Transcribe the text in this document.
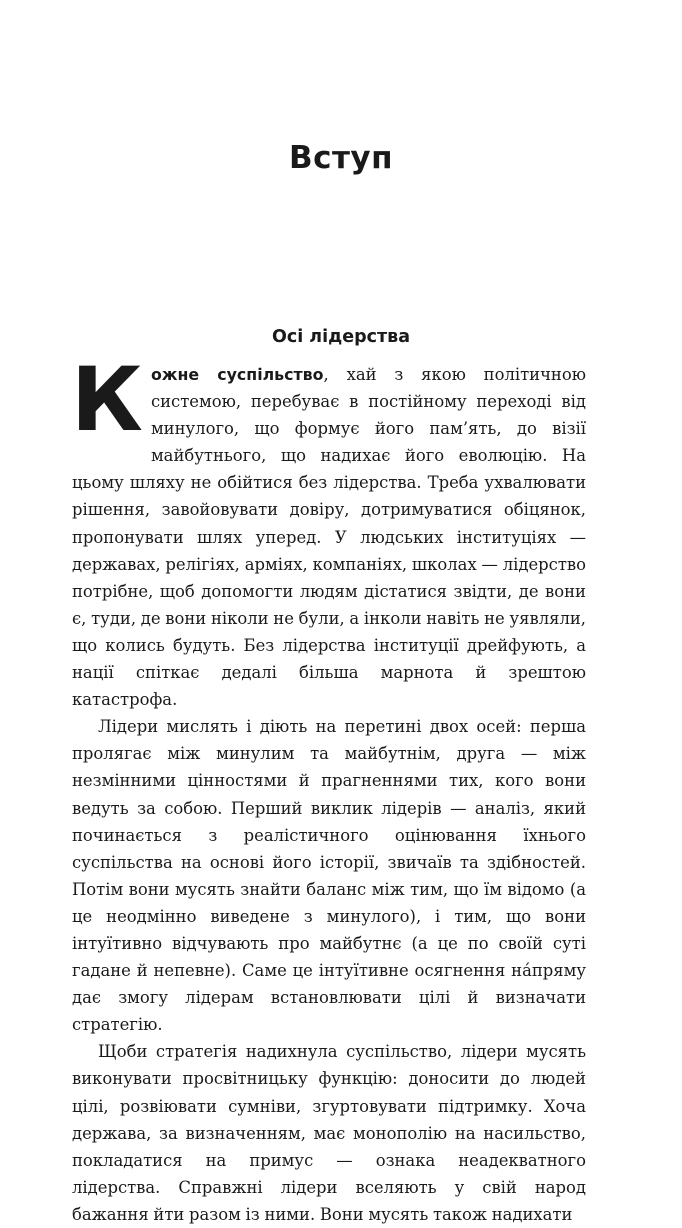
Вступ
Осі лідерства

Кожне суспільство, хай з якою політичною системою, перебуває в постійному переході від минулого, що формує його пам’ять, до візії майбутнього, що надихає його еволюцію. На цьому шляху не обійтися без лідерства. Треба ухвалювати рішення, завойовувати довіру, дотримуватися обіцянок, пропонувати шлях уперед. У людських інституціях — державах, релігіях, арміях, компаніях, школах — лідерство потрібне, щоб допомогти людям дістатися звідти, де вони є, туди, де вони ніколи не були, а інколи навіть не уявляли, що колись будуть. Без лідерства інституції дрейфують, а нації спіткає дедалі більша марнота й зрештою катастрофа.

Лідери мислять і діють на перетині двох осей: перша пролягає між минулим та майбутнім, друга — між незмінними цінностями й прагненнями тих, кого вони ведуть за собою. Перший виклик лідерів — аналіз, який починається з реалістичного оцінювання їхнього суспільства на основі його історії, звичаїв та здібностей. Потім вони мусять знайти баланс між тим, що їм відомо (а це неодмінно виведене з минулого), і тим, що вони інтуїтивно відчувають про майбутнє (а це по своїй суті гадане й непевне). Саме це інтуїтивне осягнення на́пряму дає змогу лідерам встановлювати цілі й визначати стратегію.

Щоби стратегія надихнула суспільство, лідери мусять виконувати просвітницьку функцію: доносити до людей цілі, розвіювати сумніви, згуртовувати підтримку. Хоча держава, за визначенням, має монополію на насильство, покладатися на примус — ознака неадекватного лідерства. Справжні лідери вселяють у свій народ бажання йти разом із ними. Вони мусять також надихати
